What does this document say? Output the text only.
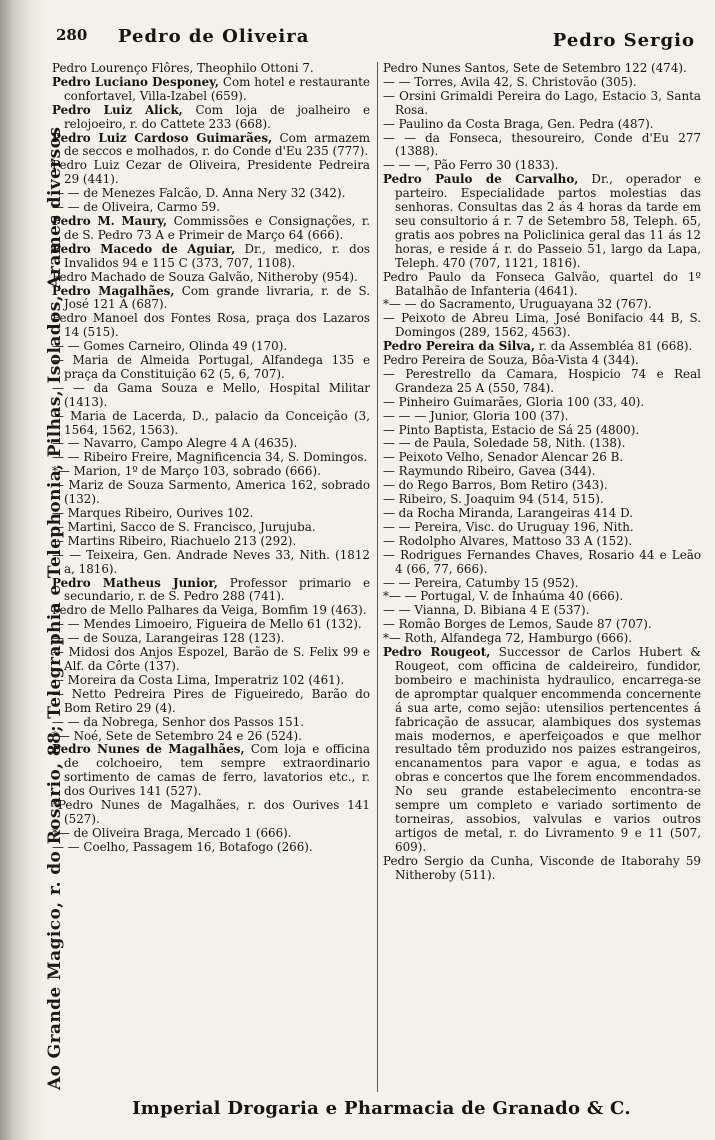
Ao Grande Magico, r. do Rosario, 88; Telegraphia e Telephonia, Pilhas, Isolados, Arames diversos
280 Pedro de Oliveira	Pedro Sergio

Pedro Lourenço Flôres, Theophilo Ottoni 7.

Pedro Luciano Desponey, Com hotel e restaurante confortavel, Villa-Izabel (659).

Pedro Luiz Alick, Com loja de joalheiro e relojoeiro, r. do Cattete 233 (668).

Pedro Luiz Cardoso Guimarães, Com armazem de seccos e molhados, r. do Conde d'Eu 235 (777).

Pedro Luiz Cezar de Oliveira, Presidente Pedreira 29 (441).

— — de Menezes Falcão, D. Anna Nery 32 (342).

— — de Oliveira, Carmo 59.

Pedro M. Maury, Commissões e Consignações, r. de S. Pedro 73 A e Primeir de Março 64 (666).

Pedro Macedo de Aguiar, Dr., medico, r. dos Invalidos 94 e 115 C (373, 707, 1108).

Pedro Machado de Souza Galvão, Nitheroby (954).

Pedro Magalhães, Com grande livraria, r. de S. José 121 A (687).

Pedro Manoel dos Fontes Rosa, praça dos Lazaros 14 (515).

— — Gomes Carneiro, Olinda 49 (170).

— Maria de Almeida Portugal, Alfandega 135 e praça da Constituição 62 (5, 6, 707).

— — da Gama Souza e Mello, Hospital Militar (1413).

— Maria de Lacerda, D., palacio da Conceição (3, 1564, 1562, 1563).

— — Navarro, Campo Alegre 4 A (4635).

— — Ribeiro Freire, Magnificencia 34, S. Domingos.

*— Marion, 1º de Março 103, sobrado (666).

— Mariz de Souza Sarmento, America 162, sobrado (132).

— Marques Ribeiro, Ourives 102.

— Martini, Sacco de S. Francisco, Jurujuba.

— Martins Ribeiro, Riachuelo 213 (292).

— — Teixeira, Gen. Andrade Neves 33, Nith. (1812 a, 1816).

Pedro Matheus Junior, Professor primario e secundario, r. de S. Pedro 288 (741).

Pedro de Mello Palhares da Veiga, Bomfim 19 (463).

— — Mendes Limoeiro, Figueira de Mello 61 (132).

— — de Souza, Larangeiras 128 (123).

— Midosi dos Anjos Espozel, Barão de S. Felix 99 e Alf. da Côrte (137).

— Moreira da Costa Lima, Imperatriz 102 (461).

— Netto Pedreira Pires de Figueiredo, Barão do Bom Retiro 29 (4).

— — da Nobrega, Senhor dos Passos 151.

*— Noé, Sete de Setembro 24 e 26 (524).

Pedro Nunes de Magalhães, Com loja e officina de colchoeiro, tem sempre extraordinario sortimento de camas de ferro, lavatorios etc., r. dos Ourives 141 (527).

*Pedro Nunes de Magalhães, r. dos Ourives 141 (527).

*— de Oliveira Braga, Mercado 1 (666).

— — Coelho, Passagem 16, Botafogo (266).

Pedro Nunes Santos, Sete de Setembro 122 (474).

— — Torres, Avila 42, S. Christovão (305).

— Orsini Grimaldi Pereira do Lago, Estacio 3, Santa Rosa.

— Paulino da Costa Braga, Gen. Pedra (487).

— — da Fonseca, thesoureiro, Conde d'Eu 277 (1388).

— — —, Pão Ferro 30 (1833).

Pedro Paulo de Carvalho, Dr., operador e parteiro. Especialidade partos molestias das senhoras. Consultas das 2 ás 4 horas da tarde em seu consultorio á r. 7 de Setembro 58, Teleph. 65, gratis aos pobres na Policlinica geral das 11 ás 12 horas, e reside á r. do Passeio 51, largo da Lapa, Teleph. 470 (707, 1121, 1816).

Pedro Paulo da Fonseca Galvão, quartel do 1º Batalhão de Infanteria (4641).

*— — do Sacramento, Uruguayana 32 (767).

— Peixoto de Abreu Lima, José Bonifacio 44 B, S. Domingos (289, 1562, 4563).

Pedro Pereira da Silva, r. da Assembléa 81 (668).

Pedro Pereira de Souza, Bôa-Vista 4 (344).

— Perestrello da Camara, Hospicio 74 e Real Grandeza 25 A (550, 784).

— Pinheiro Guimarães, Gloria 100 (33, 40).

— — — Junior, Gloria 100 (37).

— Pinto Baptista, Estacio de Sá 25 (4800).

— — de Paula, Soledade 58, Nith. (138).

— Peixoto Velho, Senador Alencar 26 B.

— Raymundo Ribeiro, Gavea (344).

— do Rego Barros, Bom Retiro (343).

— Ribeiro, S. Joaquim 94 (514, 515).

— da Rocha Miranda, Larangeiras 414 D.

— — Pereira, Visc. do Uruguay 196, Nith.

— Rodolpho Alvares, Mattoso 33 A (152).

— Rodrigues Fernandes Chaves, Rosario 44 e Leão 4 (66, 77, 666).

— — Pereira, Catumby 15 (952).

*— — Portugal, V. de Inhaúma 40 (666).

— — Vianna, D. Bibiana 4 E (537).

— Romão Borges de Lemos, Saude 87 (707).

*— Roth, Alfandega 72, Hamburgo (666).

Pedro Rougeot, Successor de Carlos Hubert & Rougeot, com officina de caldeireiro, fundidor, bombeiro e machinista hydraulico, encarrega-se de apromptar qualquer encommenda concernente á sua arte, como sejão: utensilios pertencentes á fabricação de assucar, alambiques dos systemas mais modernos, e aperfeiçoados e que melhor resultado têm produzido nos paizes estrangeiros, encanamentos para vapor e agua, e todas as obras e concertos que lhe forem encommendados. No seu grande estabelecimento encontra-se sempre um completo e variado sortimento de torneiras, assobios, valvulas e varios outros artigos de metal, r. do Livramento 9 e 11 (507, 609).

Pedro Sergio da Cunha, Visconde de Itaborahy 59 Nitheroby (511).

Imperial Drogaria e Pharmacia de Granado & C.
